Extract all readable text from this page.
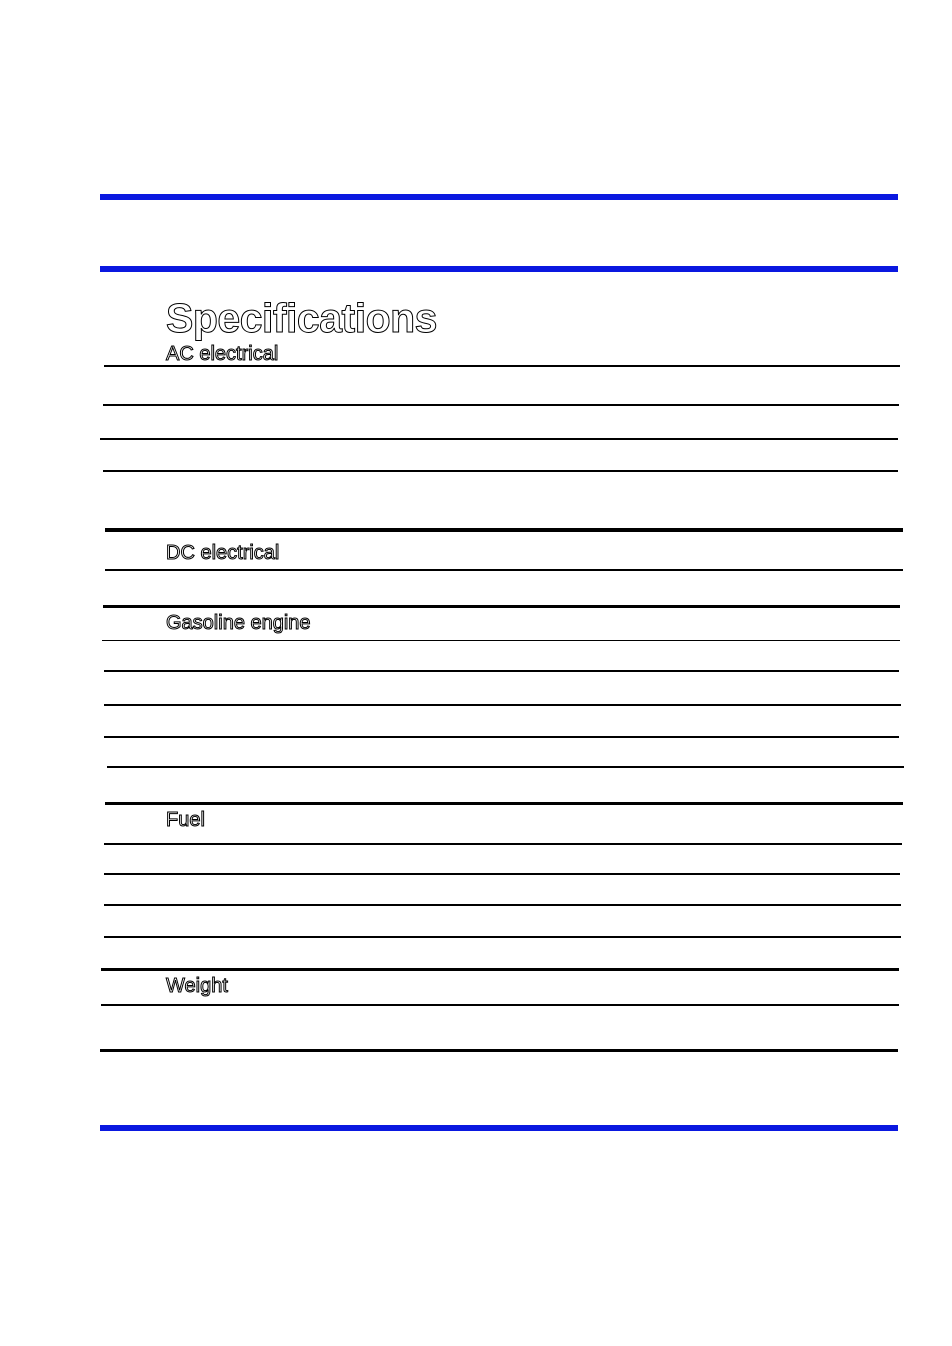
Specifications
AC electrical
DC electrical
Gasoline engine
Fuel
Weight
